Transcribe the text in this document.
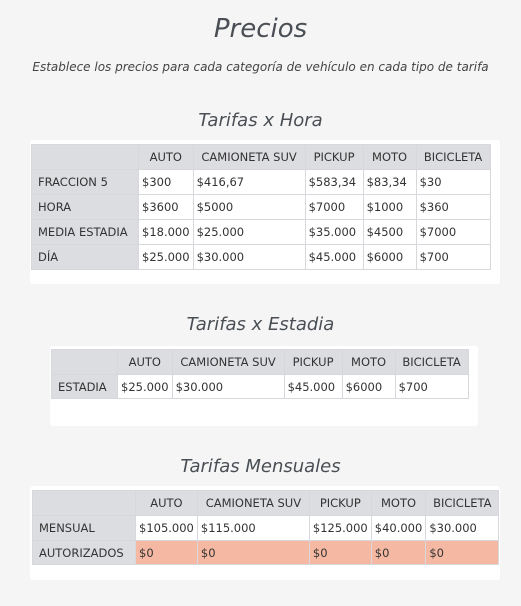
Precios
Establece los precios para cada categoría de vehículo en cada tipo de tarifa
Tarifas x Hora
	AUTO	CAMIONETA SUV	PICKUP	MOTO	BICICLETA
FRACCION 5	$300	$416,67	$583,34	$83,34	$30
HORA	$3600	$5000	$7000	$1000	$360
MEDIA ESTADIA	$18.000	$25.000	$35.000	$4500	$7000
DÍA	$25.000	$30.000	$45.000	$6000	$700
Tarifas x Estadia
	AUTO	CAMIONETA SUV	PICKUP	MOTO	BICICLETA
ESTADIA	$25.000	$30.000	$45.000	$6000	$700
Tarifas Mensuales
	AUTO	CAMIONETA SUV	PICKUP	MOTO	BICICLETA
MENSUAL	$105.000	$115.000	$125.000	$40.000	$30.000
AUTORIZADOS	$0	$0	$0	$0	$0
